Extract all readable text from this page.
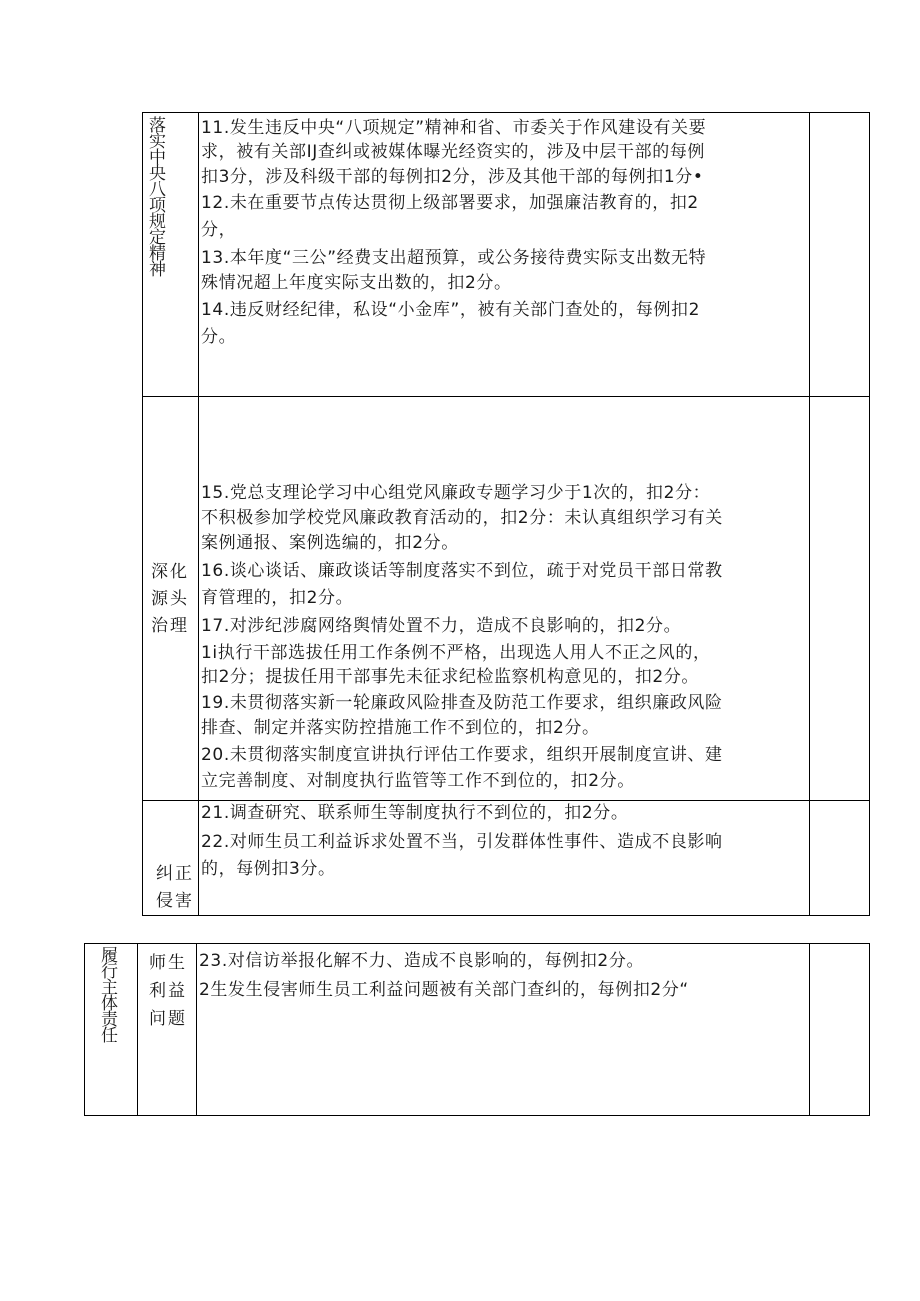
落实中央八项规定精神 11.发生违反中央“八项规定”精神和省、市委关于作风建设有关要
求，被有关部IJ查纠或被媒体曝光经资实的，涉及中层干部的每例
扣3分，涉及科级干部的每例扣2分，涉及其他干部的每例扣1分•
12.未在重要节点传达贯彻上级部署要求，加强廉洁教育的，扣2
分，
13.本年度“三公”经费支出超预算，或公务接待费实际支出数无特
殊情况超上年度实际支出数的，扣2分。
14.违反财经纪律，私设“小金库”，被有关部门查处的，每例扣2
分。
深化
源头
治理
15.党总支理论学习中心组党风廉政专题学习少于1次的，扣2分：
不积极参加学校党风廉政教育活动的，扣2分：未认真组织学习有关
案例通报、案例选编的，扣2分。
16.谈心谈话、廉政谈话等制度落实不到位，疏于对党员干部日常教
育管理的，扣2分。
17.对涉纪涉腐网络舆情处置不力，造成不良影响的，扣2分。
1i执行干部选拔任用工作条例不严格，出现选人用人不正之风的，
扣2分；提拔任用干部事先未征求纪检监察机构意见的，扣2分。
19.未贯彻落实新一轮廉政风险排查及防范工作要求，组织廉政风险
排查、制定并落实防控措施工作不到位的，扣2分。
20.未贯彻落实制度宣讲执行评估工作要求，组织开展制度宣讲、建
立完善制度、对制度执行监管等工作不到位的，扣2分。
纠正
侵害
21.调查研究、联系师生等制度执行不到位的，扣2分。
22.对师生员工利益诉求处置不当，引发群体性事件、造成不良影响
的，每例扣3分。
履行主体责任 师生
利益
问题
23.对信访举报化解不力、造成不良影响的，每例扣2分。
2生发生侵害师生员工利益问题被有关部门查纠的，每例扣2分“
